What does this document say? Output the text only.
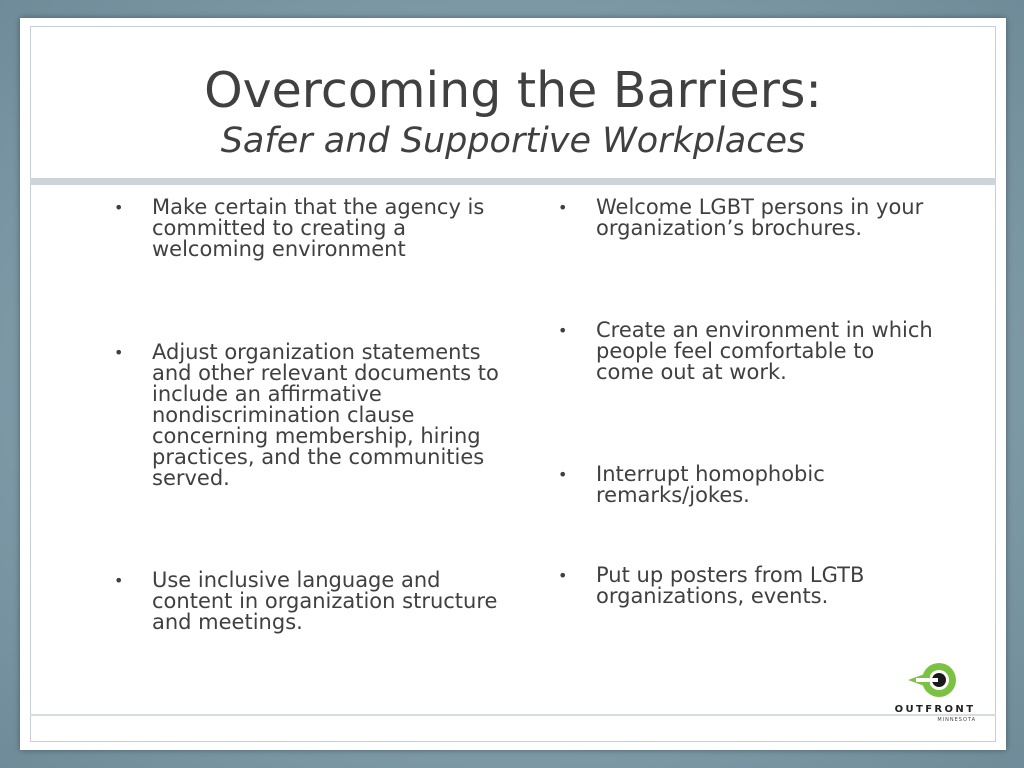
Overcoming the Barriers:
Safer and Supportive Workplaces
• Make certain that the agency is committed to creating a welcoming environment
• Adjust organization statements and other relevant documents to include an affirmative nondiscrimination clause concerning membership, hiring practices, and the communities served.
• Use inclusive language and content in organization structure and meetings.
• Welcome LGBT persons in your organization’s brochures.
• Create an environment in which people feel comfortable to come out at work.
• Interrupt homophobic remarks/jokes.
• Put up posters from LGTB organizations, events.
OUTFRONT
MINNESOTA
